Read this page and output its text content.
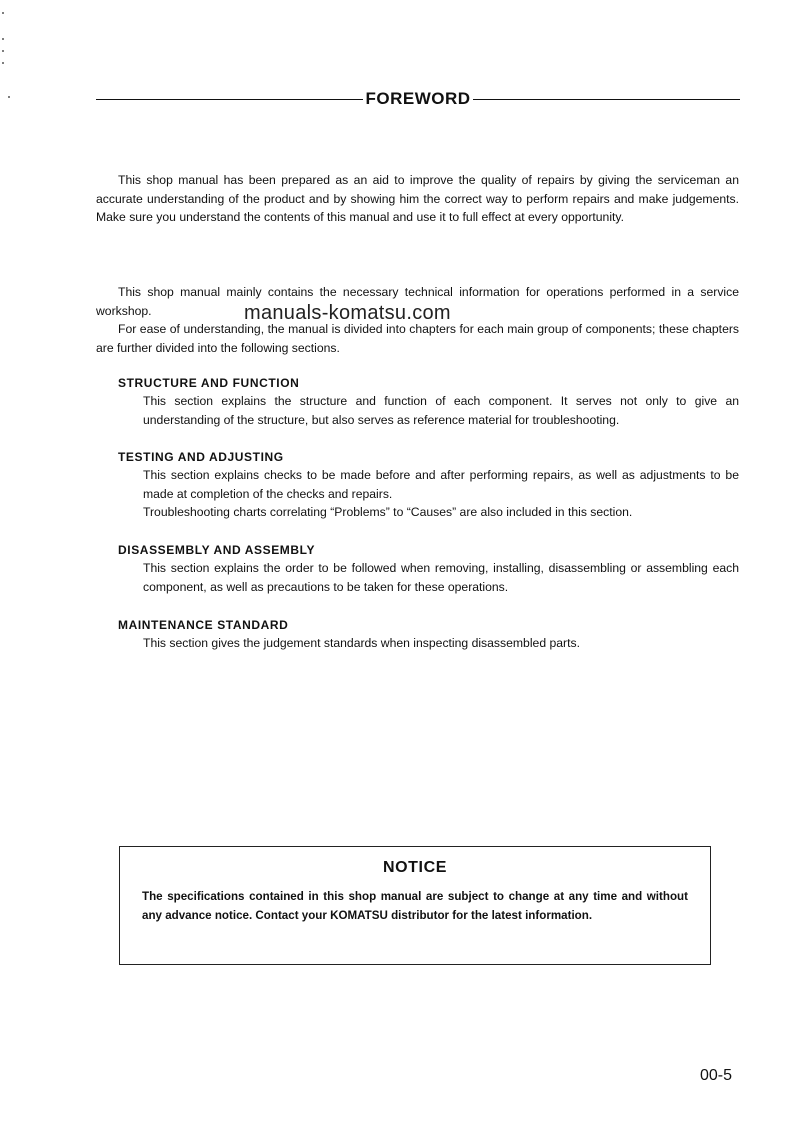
FOREWORD

This shop manual has been prepared as an aid to improve the quality of repairs by giving the serviceman an accurate understanding of the product and by showing him the correct way to perform repairs and make judgements. Make sure you understand the contents of this manual and use it to full effect at every opportunity.

This shop manual mainly contains the necessary technical information for operations performed in a service workshop.

For ease of understanding, the manual is divided into chapters for each main group of components; these chapters are further divided into the following sections.

manuals-komatsu.com

STRUCTURE AND FUNCTION

This section explains the structure and function of each component. It serves not only to give an understanding of the structure, but also serves as reference material for troubleshooting.

TESTING AND ADJUSTING

This section explains checks to be made before and after performing repairs, as well as adjustments to be made at completion of the checks and repairs.

Troubleshooting charts correlating “Problems” to “Causes” are also included in this section.

DISASSEMBLY AND ASSEMBLY

This section explains the order to be followed when removing, installing, disassembling or assembling each component, as well as precautions to be taken for these operations.

MAINTENANCE STANDARD

This section gives the judgement standards when inspecting disassembled parts.

NOTICE

The specifications contained in this shop manual are subject to change at any time and without any advance notice. Contact your KOMATSU distributor for the latest information.

00-5
